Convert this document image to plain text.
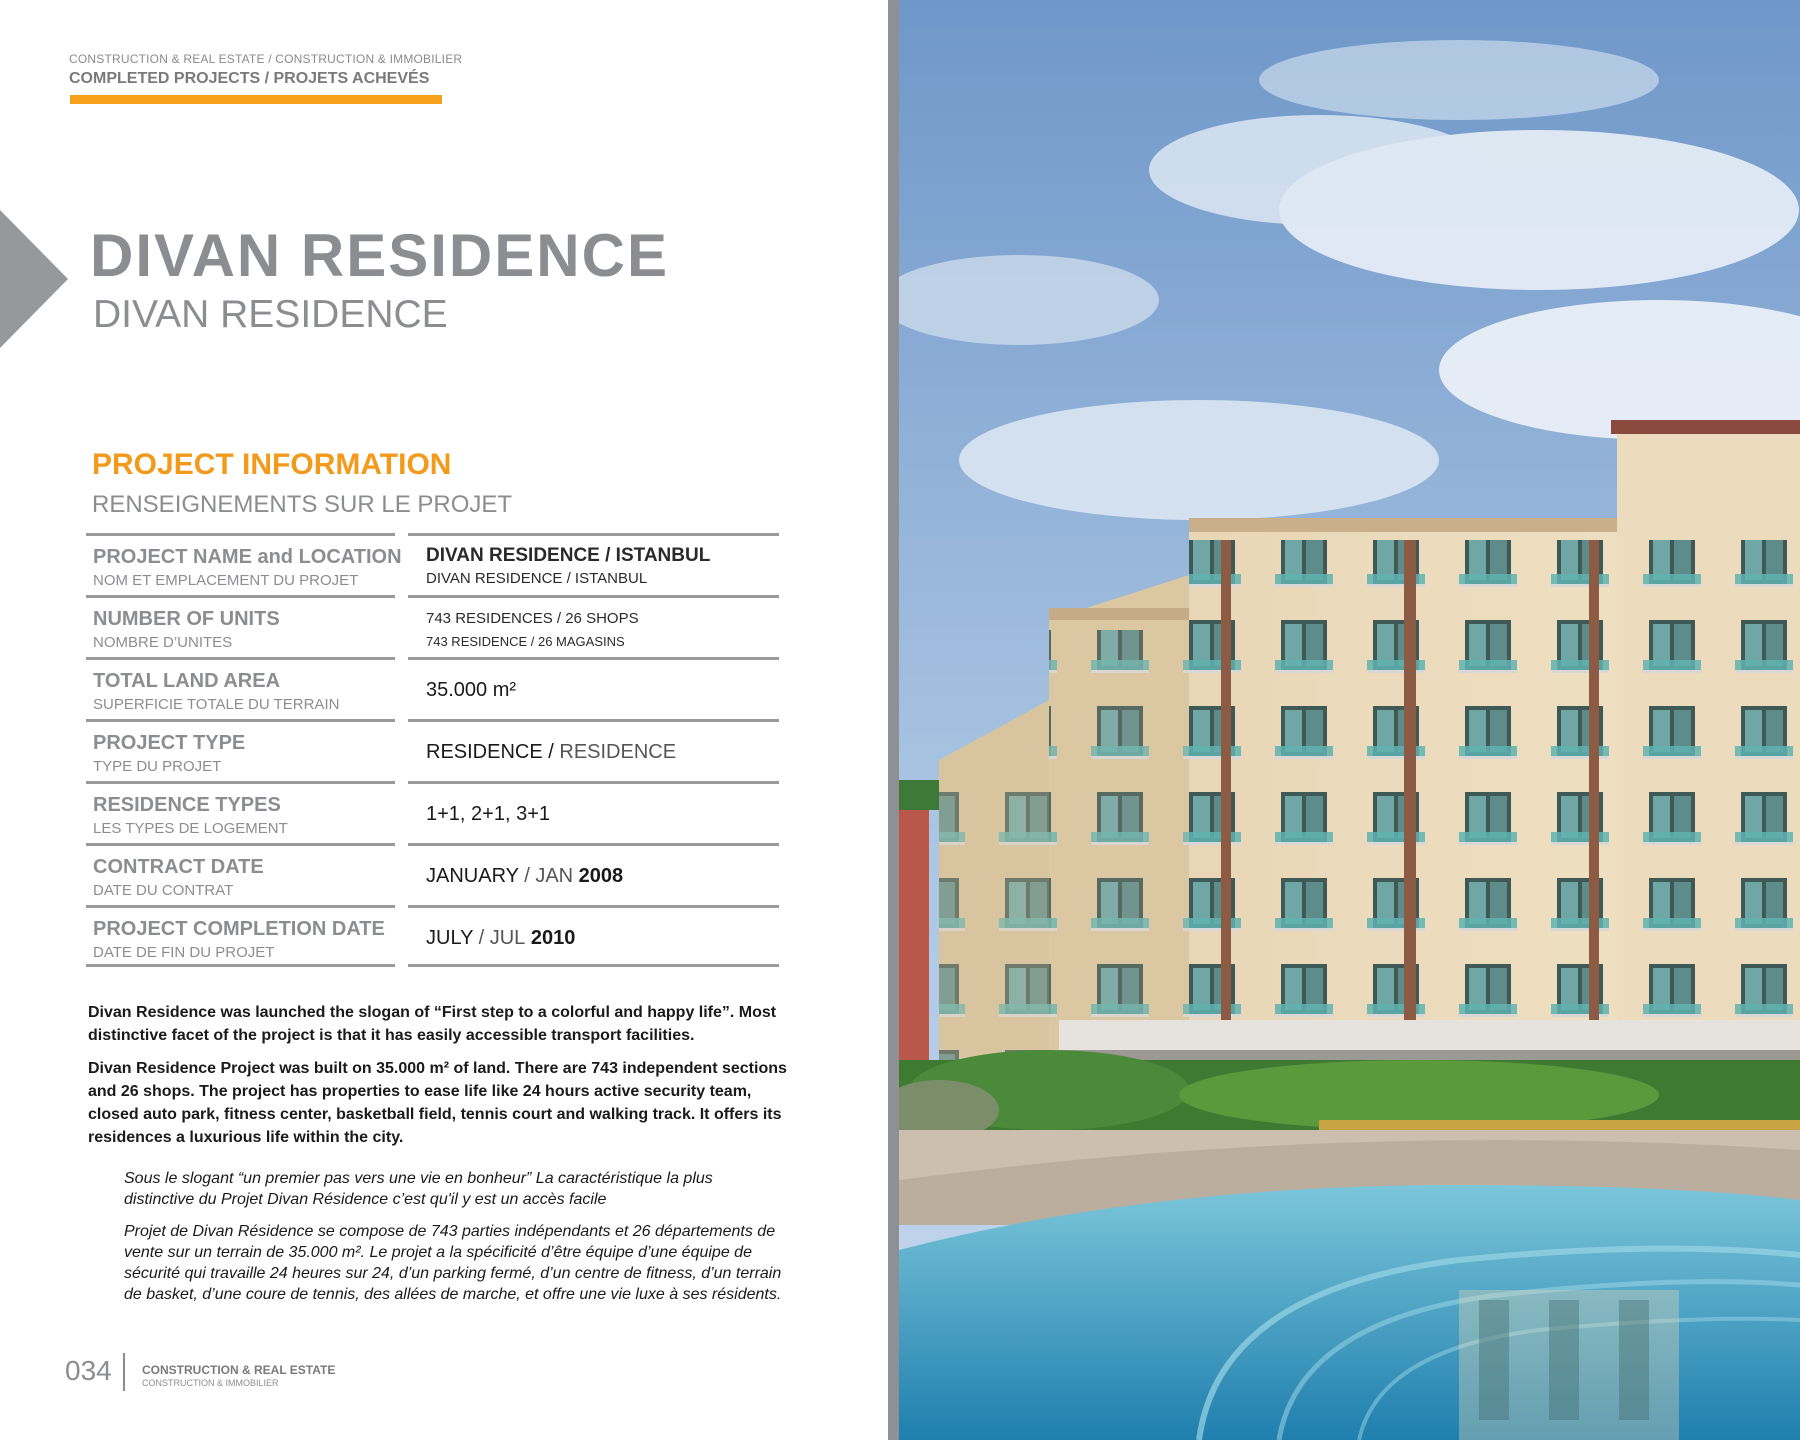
CONSTRUCTION & REAL ESTATE / CONSTRUCTION & IMMOBILIER
COMPLETED PROJECTS / PROJETS ACHEVÉS
DIVAN RESIDENCE
DIVAN RESIDENCE
PROJECT INFORMATION
RENSEIGNEMENTS SUR LE PROJET
PROJECT NAME and LOCATION
NOM ET EMPLACEMENT DU PROJET
DIVAN RESIDENCE / ISTANBUL
DIVAN RESIDENCE / ISTANBUL
NUMBER OF UNITS
NOMBRE D’UNITES
743 RESIDENCES / 26 SHOPS
743 RESIDENCE / 26 MAGASINS
TOTAL LAND AREA
SUPERFICIE TOTALE DU TERRAIN
35.000 m²
PROJECT TYPE
TYPE DU PROJET
RESIDENCE / RESIDENCE
RESIDENCE TYPES
LES TYPES DE LOGEMENT
1+1, 2+1, 3+1
CONTRACT DATE
DATE DU CONTRAT
JANUARY / JAN 2008
PROJECT COMPLETION DATE
DATE DE FIN DU PROJET
JULY / JUL 2010
Divan Residence was launched the slogan of “First step to a colorful and happy life”. Most distinctive facet of the project is that it has easily accessible transport facilities.
Divan Residence Project was built on 35.000 m² of land. There are 743 independent sections and 26 shops. The project has properties to ease life like 24 hours active security team, closed auto park, fitness center, basketball field, tennis court and walking track. It offers its residences a luxurious life within the city.
Sous le slogant “un premier pas vers une vie en bonheur” La caractéristique la plus distinctive du Projet Divan Résidence c’est qu'il y est un accès facile
Projet de Divan Résidence se compose de 743 parties indépendants et 26 départements de vente sur un terrain de 35.000 m². Le projet a la spécificité d’être équipe d’une équipe de sécurité qui travaille 24 heures sur 24, d’un parking fermé, d’un centre de fitness, d’un terrain de basket, d’une coure de tennis, des allées de marche, et offre une vie luxe à ses résidents.
034	CONSTRUCTION & REAL ESTATE
CONSTRUCTION & IMMOBILIER
